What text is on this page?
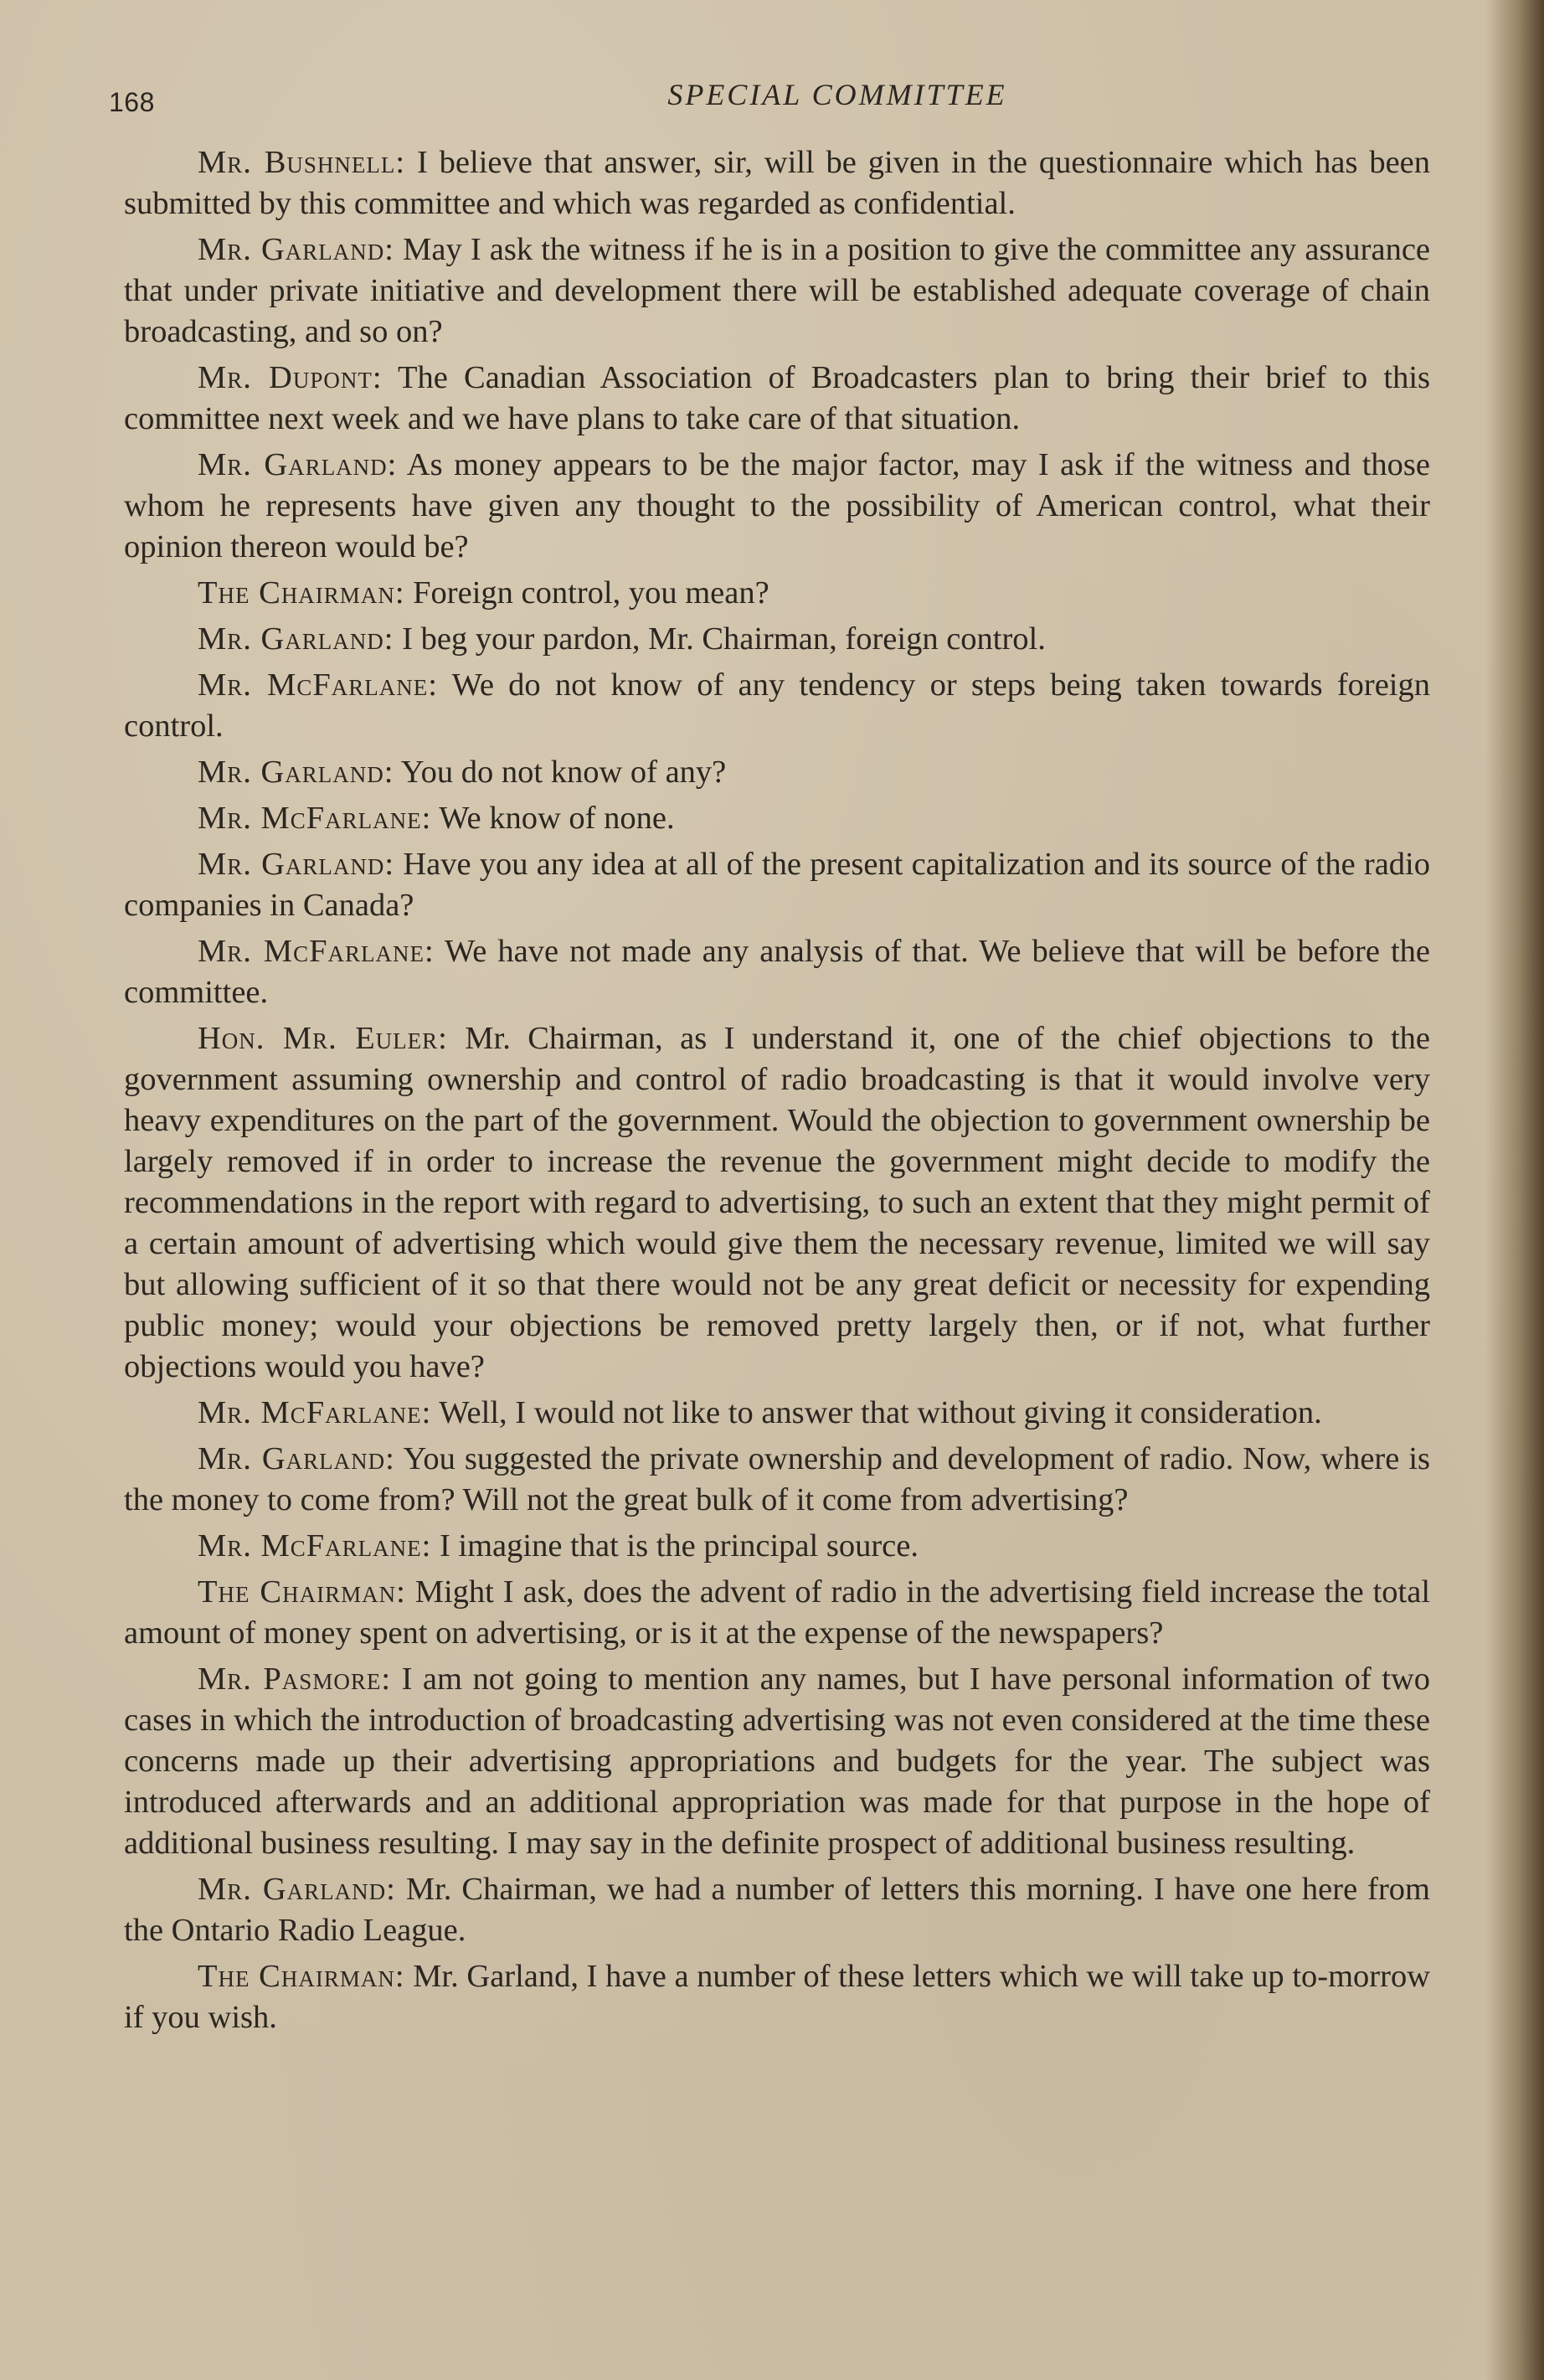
168	SPECIAL COMMITTEE

Mr. Bushnell: I believe that answer, sir, will be given in the questionnaire which has been submitted by this committee and which was regarded as confidential.

Mr. Garland: May I ask the witness if he is in a position to give the committee any assurance that under private initiative and development there will be established adequate coverage of chain broadcasting, and so on?

Mr. Dupont: The Canadian Association of Broadcasters plan to bring their brief to this committee next week and we have plans to take care of that situation.

Mr. Garland: As money appears to be the major factor, may I ask if the witness and those whom he represents have given any thought to the possibility of American control, what their opinion thereon would be?

The Chairman: Foreign control, you mean?

Mr. Garland: I beg your pardon, Mr. Chairman, foreign control.

Mr. McFarlane: We do not know of any tendency or steps being taken towards foreign control.

Mr. Garland: You do not know of any?

Mr. McFarlane: We know of none.

Mr. Garland: Have you any idea at all of the present capitalization and its source of the radio companies in Canada?

Mr. McFarlane: We have not made any analysis of that. We believe that will be before the committee.

Hon. Mr. Euler: Mr. Chairman, as I understand it, one of the chief objections to the government assuming ownership and control of radio broadcasting is that it would involve very heavy expenditures on the part of the government. Would the objection to government ownership be largely removed if in order to increase the revenue the government might decide to modify the recommendations in the report with regard to advertising, to such an extent that they might permit of a certain amount of advertising which would give them the necessary revenue, limited we will say but allowing sufficient of it so that there would not be any great deficit or necessity for expending public money; would your objections be removed pretty largely then, or if not, what further objections would you have?

Mr. McFarlane: Well, I would not like to answer that without giving it consideration.

Mr. Garland: You suggested the private ownership and development of radio. Now, where is the money to come from? Will not the great bulk of it come from advertising?

Mr. McFarlane: I imagine that is the principal source.

The Chairman: Might I ask, does the advent of radio in the advertising field increase the total amount of money spent on advertising, or is it at the expense of the newspapers?

Mr. Pasmore: I am not going to mention any names, but I have personal information of two cases in which the introduction of broadcasting advertising was not even considered at the time these concerns made up their advertising appropriations and budgets for the year. The subject was introduced afterwards and an additional appropriation was made for that purpose in the hope of additional business resulting. I may say in the definite prospect of additional business resulting.

Mr. Garland: Mr. Chairman, we had a number of letters this morning. I have one here from the Ontario Radio League.

The Chairman: Mr. Garland, I have a number of these letters which we will take up to-morrow if you wish.
